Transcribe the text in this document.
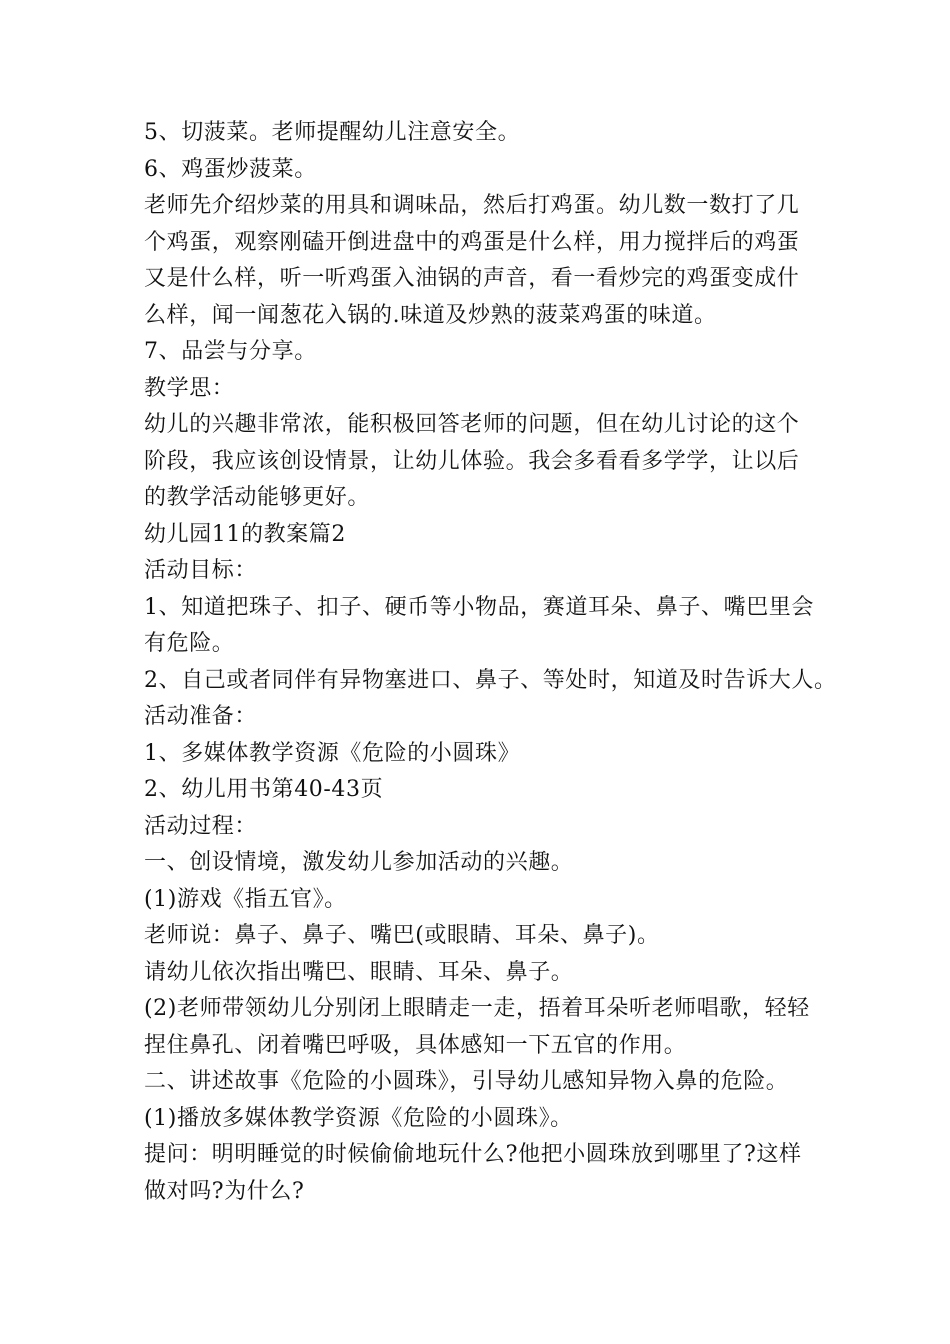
5、切菠菜。老师提醒幼儿注意安全。
6、鸡蛋炒菠菜。
老师先介绍炒菜的用具和调味品，然后打鸡蛋。幼儿数一数打了几
个鸡蛋，观察刚磕开倒进盘中的鸡蛋是什么样，用力搅拌后的鸡蛋
又是什么样，听一听鸡蛋入油锅的声音，看一看炒完的鸡蛋变成什
么样，闻一闻葱花入锅的.味道及炒熟的菠菜鸡蛋的味道。
7、品尝与分享。
教学思：
幼儿的兴趣非常浓，能积极回答老师的问题，但在幼儿讨论的这个
阶段，我应该创设情景，让幼儿体验。我会多看看多学学，让以后
的教学活动能够更好。
幼儿园11的教案篇2
活动目标：
1、知道把珠子、扣子、硬币等小物品，赛道耳朵、鼻子、嘴巴里会
有危险。
2、自己或者同伴有异物塞进口、鼻子、等处时，知道及时告诉大人。
活动准备：
1、多媒体教学资源《危险的小圆珠》
2、幼儿用书第40-43页
活动过程：
一、创设情境，激发幼儿参加活动的兴趣。
(1)游戏《指五官》。
老师说：鼻子、鼻子、嘴巴(或眼睛、耳朵、鼻子)。
请幼儿依次指出嘴巴、眼睛、耳朵、鼻子。
(2)老师带领幼儿分别闭上眼睛走一走，捂着耳朵听老师唱歌，轻轻
捏住鼻孔、闭着嘴巴呼吸，具体感知一下五官的作用。
二、讲述故事《危险的小圆珠》，引导幼儿感知异物入鼻的危险。
(1)播放多媒体教学资源《危险的小圆珠》。
提问：明明睡觉的时候偷偷地玩什么?他把小圆珠放到哪里了?这样
做对吗?为什么?
